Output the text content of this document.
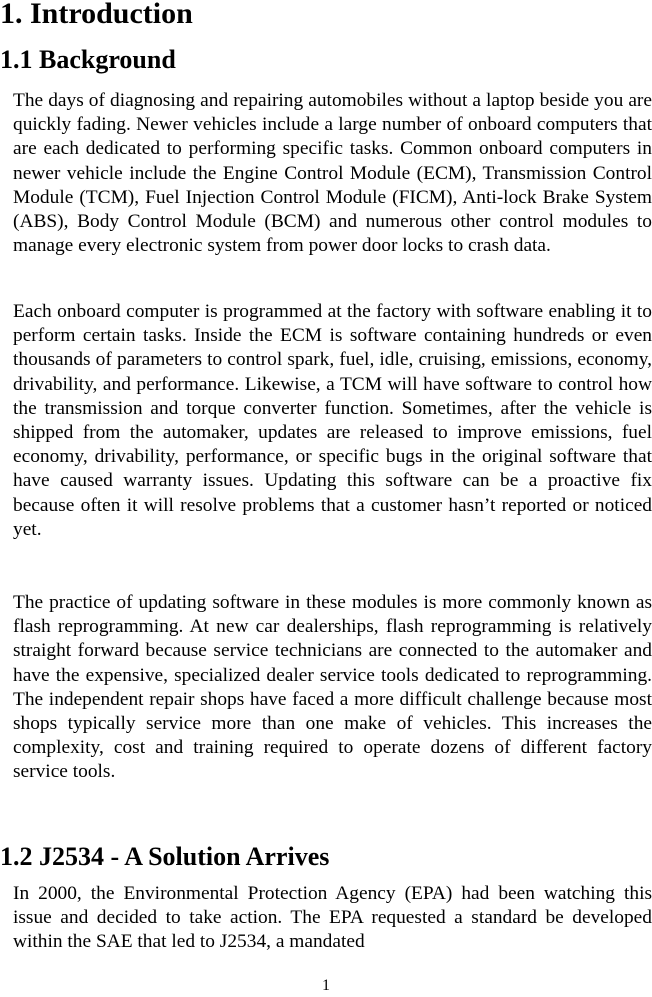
1. Introduction
1.1 Background

The days of diagnosing and repairing automobiles without a laptop beside you are quickly fading. Newer vehicles include a large number of onboard computers that are each dedicated to performing specific tasks. Common onboard computers in newer vehicle include the Engine Control Module (ECM), Transmission Control Module (TCM), Fuel Injection Control Module (FICM), Anti-lock Brake System (ABS), Body Control Module (BCM) and numerous other control modules to manage every electronic system from power door locks to crash data.

Each onboard computer is programmed at the factory with software enabling it to perform certain tasks. Inside the ECM is software containing hundreds or even thousands of parameters to control spark, fuel, idle, cruising, emissions, economy, drivability, and performance. Likewise, a TCM will have software to control how the transmission and torque converter function. Sometimes, after the vehicle is shipped from the automaker, updates are released to improve emissions, fuel economy, drivability, performance, or specific bugs in the original software that have caused warranty issues. Updating this software can be a proactive fix because often it will resolve problems that a customer hasn’t reported or noticed yet.

The practice of updating software in these modules is more commonly known as flash reprogramming. At new car dealerships, flash reprogramming is relatively straight forward because service technicians are connected to the automaker and have the expensive, specialized dealer service tools dedicated to reprogramming. The independent repair shops have faced a more difficult challenge because most shops typically service more than one make of vehicles. This increases the complexity, cost and training required to operate dozens of different factory service tools.

1.2 J2534 - A Solution Arrives

In 2000, the Environmental Protection Agency (EPA) had been watching this issue and decided to take action. The EPA requested a standard be developed within the SAE that led to J2534, a mandated

1
